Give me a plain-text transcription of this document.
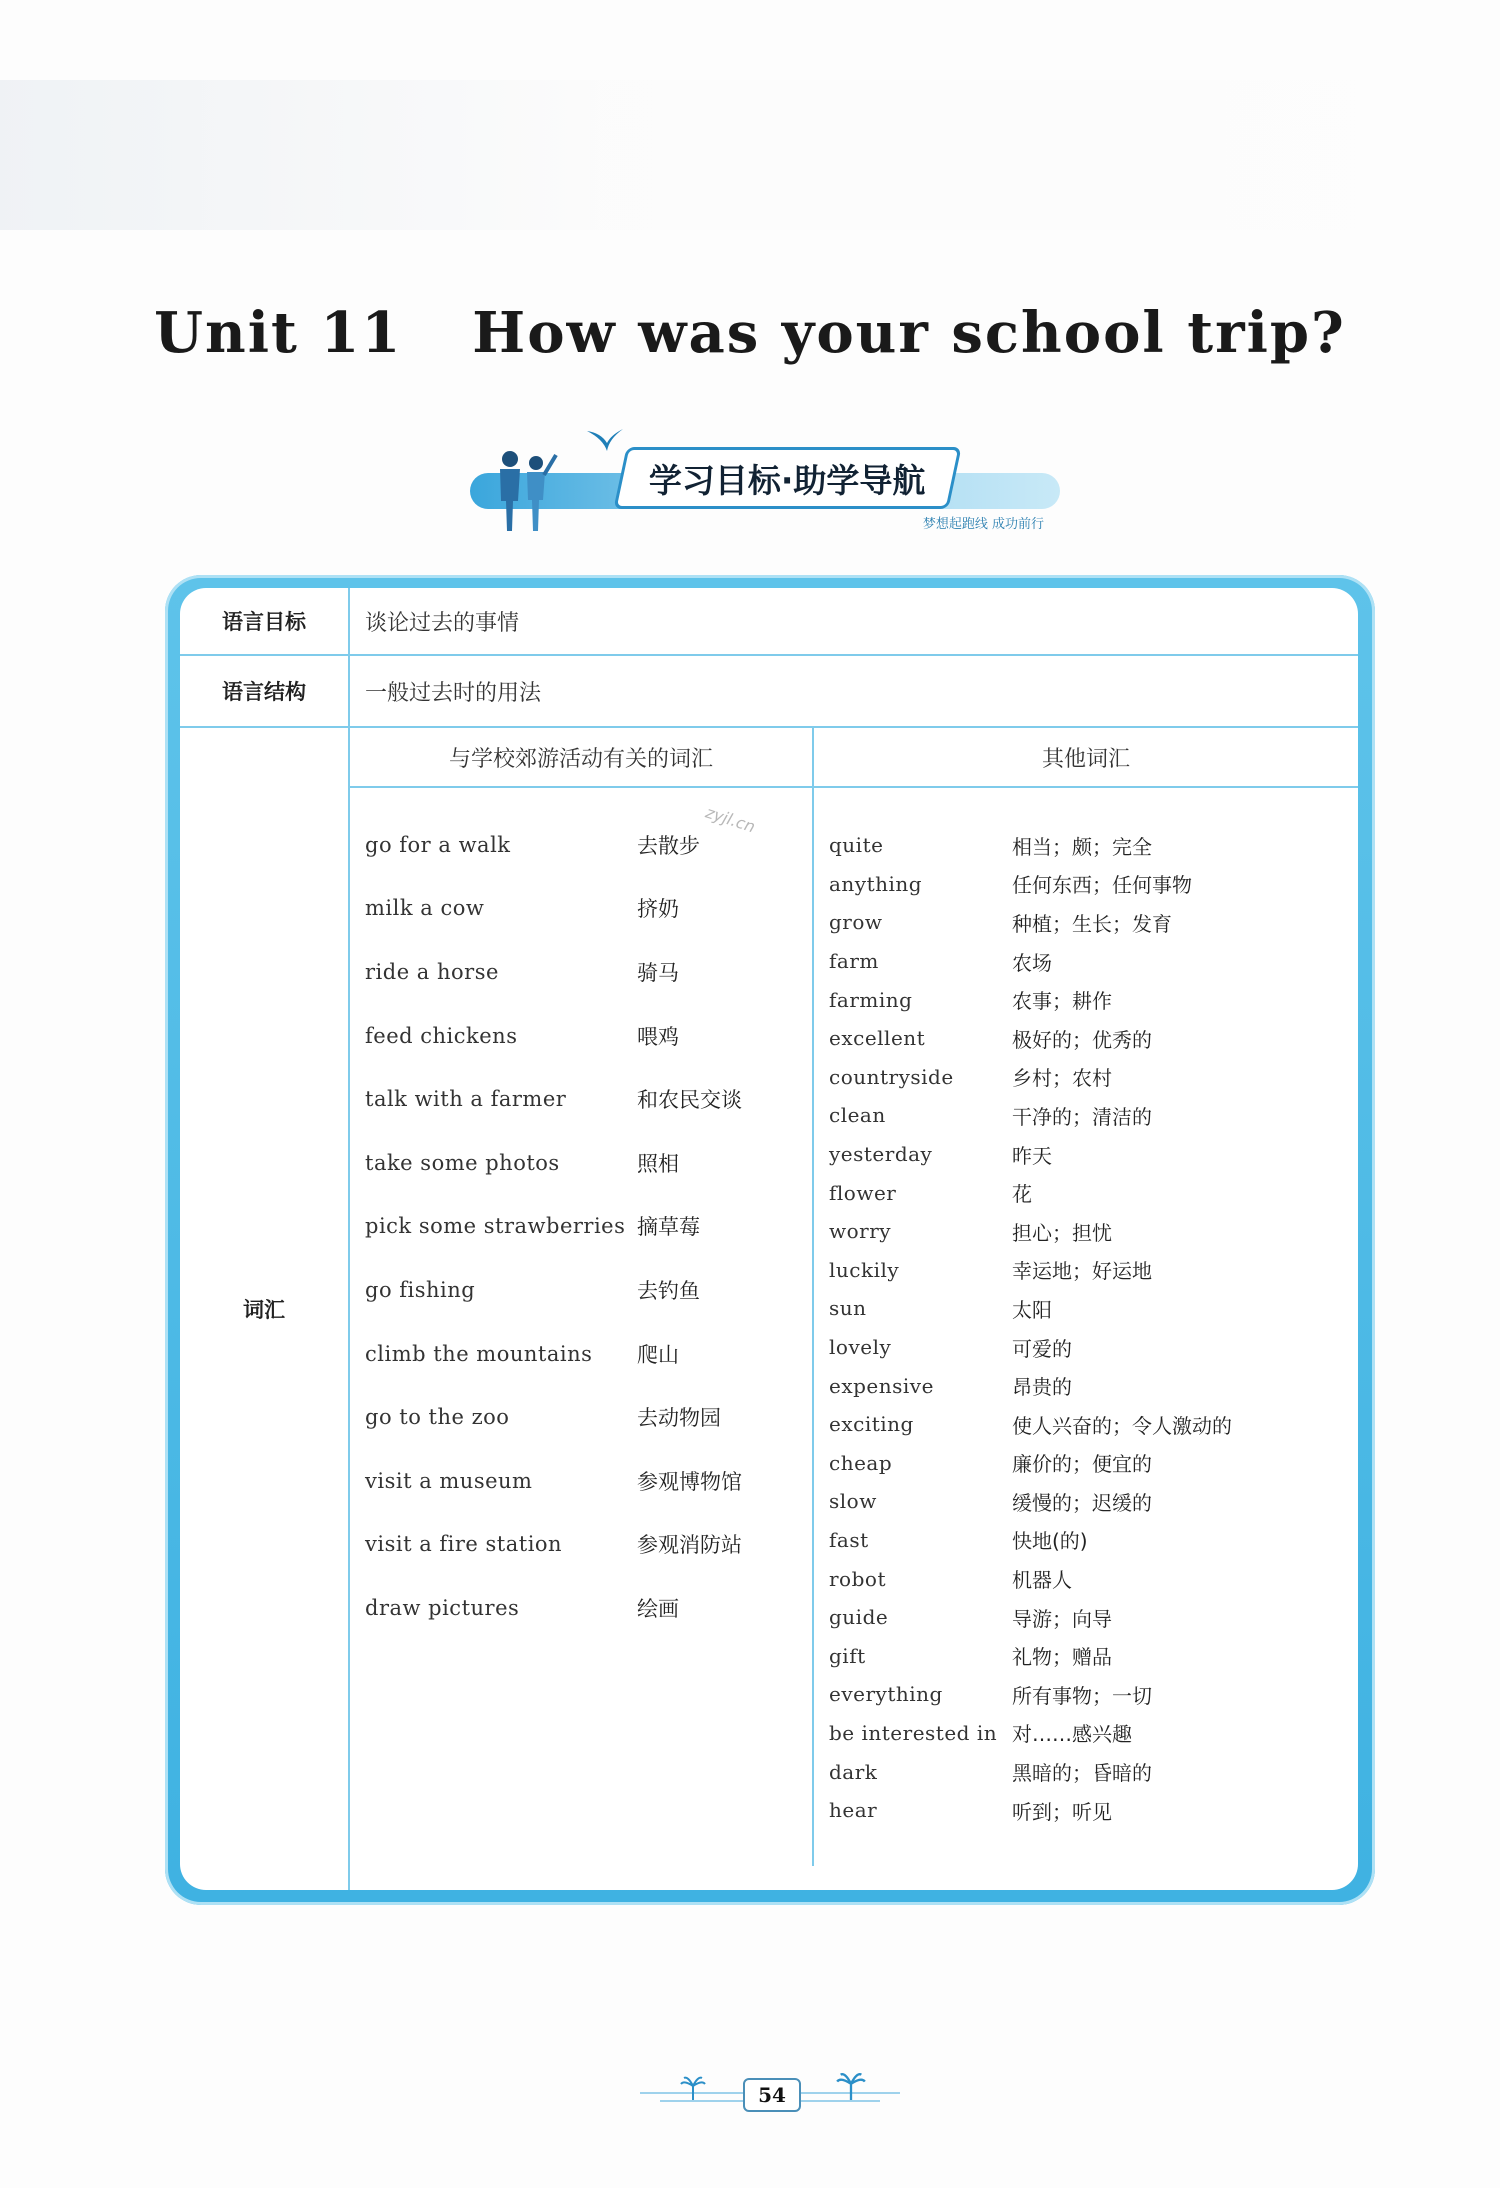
Unit 11 How was your school trip?
学习目标·助学导航
梦想起跑线 成功前行
语言目标	谈论过去的事情
语言结构	一般过去时的用法
词汇
与学校郊游活动有关的词汇	其他词汇
zyjl.cn
go for a walk	去散步
milk a cow	挤奶
ride a horse	骑马
feed chickens	喂鸡
talk with a farmer	和农民交谈
take some photos	照相
pick some strawberries 摘草莓
go fishing	去钓鱼
climb the mountains	爬山
go to the zoo	去动物园
visit a museum	参观博物馆
visit a fire station	参观消防站
draw pictures	绘画
quite	相当；颇；完全
anything	任何东西；任何事物
grow	种植；生长；发育
farm	农场
farming	农事；耕作
excellent	极好的；优秀的
countryside	乡村；农村
clean	干净的；清洁的
yesterday	昨天
flower	花
worry	担心；担忧
luckily	幸运地；好运地
sun	太阳
lovely	可爱的
expensive	昂贵的
exciting	使人兴奋的；令人激动的
cheap	廉价的；便宜的
slow	缓慢的；迟缓的
fast	快地(的)
robot	机器人
guide	导游；向导
gift	礼物；赠品
everything	所有事物；一切
be interested in 对……感兴趣
dark	黑暗的；昏暗的
hear	听到；听见
54
